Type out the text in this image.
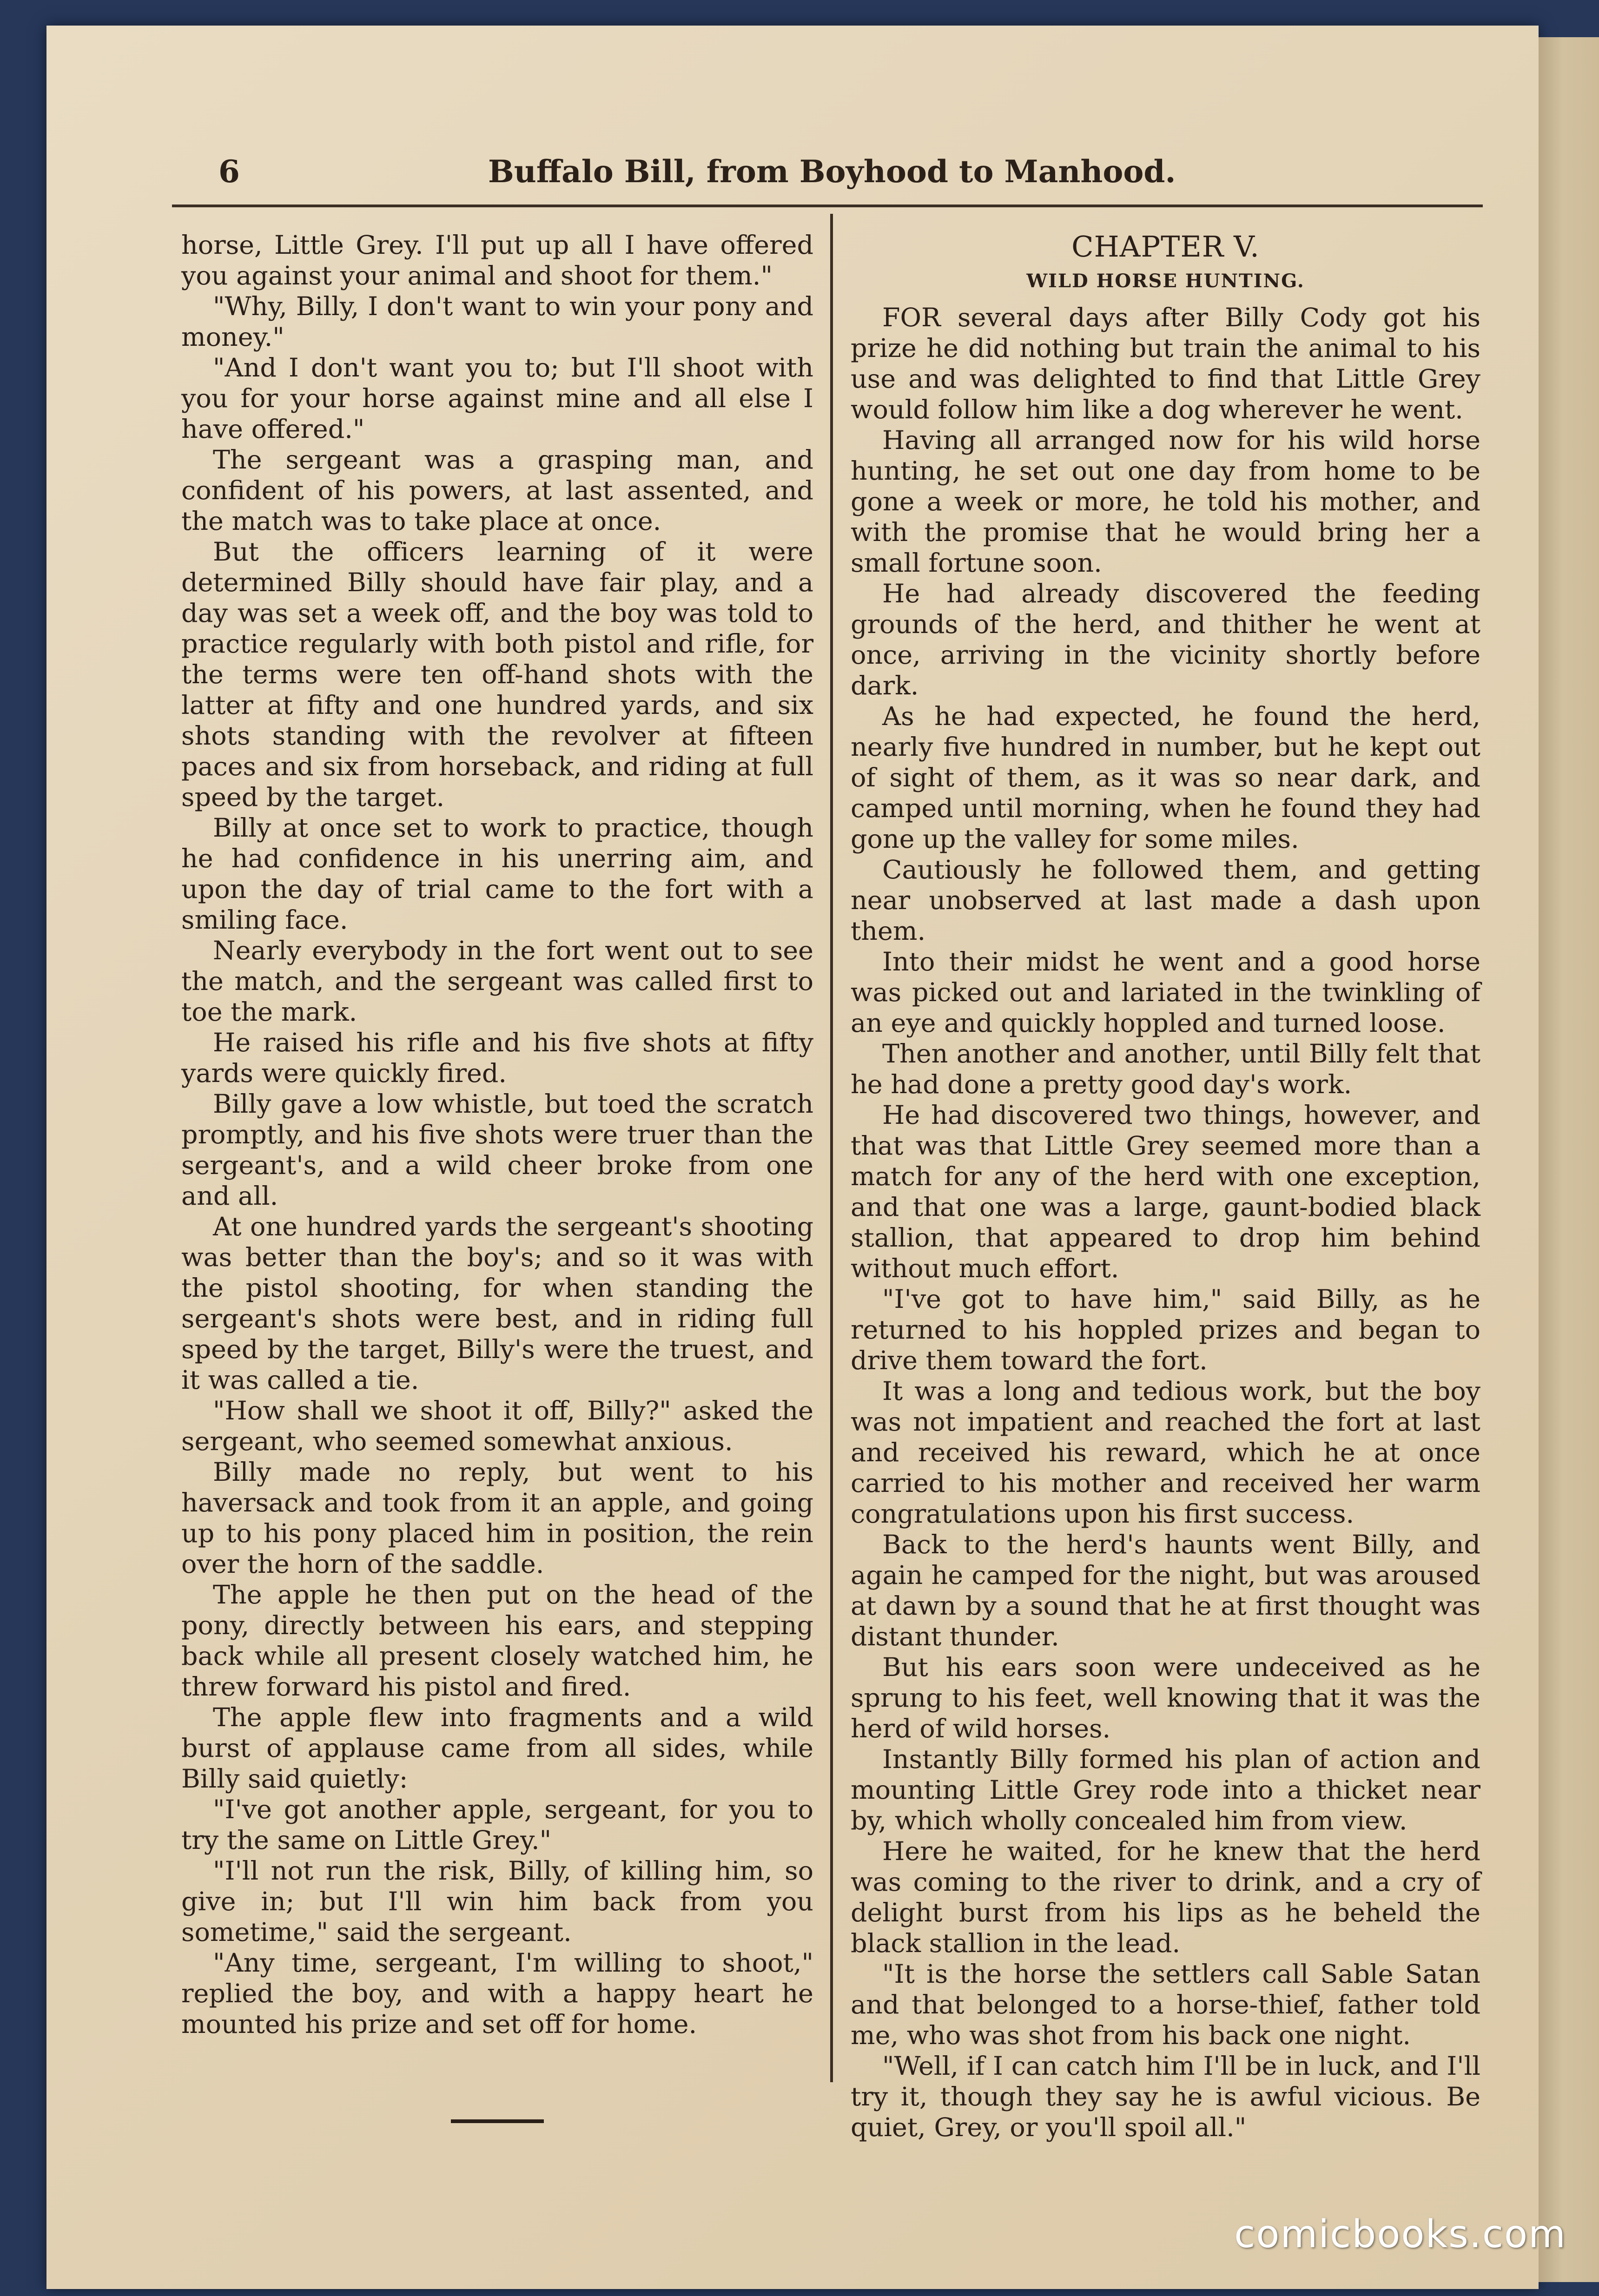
6	Buffalo Bill, from Boyhood to Manhood.

horse, Little Grey. I'll put up all I have offered you against your animal and shoot for them."

"Why, Billy, I don't want to win your pony and money."

"And I don't want you to; but I'll shoot with you for your horse against mine and all else I have offered."

The sergeant was a grasping man, and confident of his powers, at last assented, and the match was to take place at once.

But the officers learning of it were determined Billy should have fair play, and a day was set a week off, and the boy was told to practice regularly with both pistol and rifle, for the terms were ten off-hand shots with the latter at fifty and one hundred yards, and six shots standing with the revolver at fifteen paces and six from horseback, and riding at full speed by the target.

Billy at once set to work to practice, though he had confidence in his unerring aim, and upon the day of trial came to the fort with a smiling face.

Nearly everybody in the fort went out to see the match, and the sergeant was called first to toe the mark.

He raised his rifle and his five shots at fifty yards were quickly fired.

Billy gave a low whistle, but toed the scratch promptly, and his five shots were truer than the sergeant's, and a wild cheer broke from one and all.

At one hundred yards the sergeant's shooting was better than the boy's; and so it was with the pistol shooting, for when standing the sergeant's shots were best, and in riding full speed by the target, Billy's were the truest, and it was called a tie.

"How shall we shoot it off, Billy?" asked the sergeant, who seemed somewhat anxious.

Billy made no reply, but went to his haversack and took from it an apple, and going up to his pony placed him in position, the rein over the horn of the saddle.

The apple he then put on the head of the pony, directly between his ears, and stepping back while all present closely watched him, he threw forward his pistol and fired.

The apple flew into fragments and a wild burst of applause came from all sides, while Billy said quietly:

"I've got another apple, sergeant, for you to try the same on Little Grey."

"I'll not run the risk, Billy, of killing him, so give in; but I'll win him back from you sometime," said the sergeant.

"Any time, sergeant, I'm willing to shoot," replied the boy, and with a happy heart he mounted his prize and set off for home.

CHAPTER V.

WILD HORSE HUNTING.

FOR several days after Billy Cody got his prize he did nothing but train the animal to his use and was delighted to find that Little Grey would follow him like a dog wherever he went.

Having all arranged now for his wild horse hunting, he set out one day from home to be gone a week or more, he told his mother, and with the promise that he would bring her a small fortune soon.

He had already discovered the feeding grounds of the herd, and thither he went at once, arriving in the vicinity shortly before dark.

As he had expected, he found the herd, nearly five hundred in number, but he kept out of sight of them, as it was so near dark, and camped until morning, when he found they had gone up the valley for some miles.

Cautiously he followed them, and getting near unobserved at last made a dash upon them.

Into their midst he went and a good horse was picked out and lariated in the twinkling of an eye and quickly hoppled and turned loose.

Then another and another, until Billy felt that he had done a pretty good day's work.

He had discovered two things, however, and that was that Little Grey seemed more than a match for any of the herd with one exception, and that one was a large, gaunt-bodied black stallion, that appeared to drop him behind without much effort.

"I've got to have him," said Billy, as he returned to his hoppled prizes and began to drive them toward the fort.

It was a long and tedious work, but the boy was not impatient and reached the fort at last and received his reward, which he at once carried to his mother and received her warm congratulations upon his first success.

Back to the herd's haunts went Billy, and again he camped for the night, but was aroused at dawn by a sound that he at first thought was distant thunder.

But his ears soon were undeceived as he sprung to his feet, well knowing that it was the herd of wild horses.

Instantly Billy formed his plan of action and mounting Little Grey rode into a thicket near by, which wholly concealed him from view.

Here he waited, for he knew that the herd was coming to the river to drink, and a cry of delight burst from his lips as he beheld the black stallion in the lead.

"It is the horse the settlers call Sable Satan and that belonged to a horse-thief, father told me, who was shot from his back one night.

"Well, if I can catch him I'll be in luck, and I'll try it, though they say he is awful vicious. Be quiet, Grey, or you'll spoil all."

comicbooks.com
